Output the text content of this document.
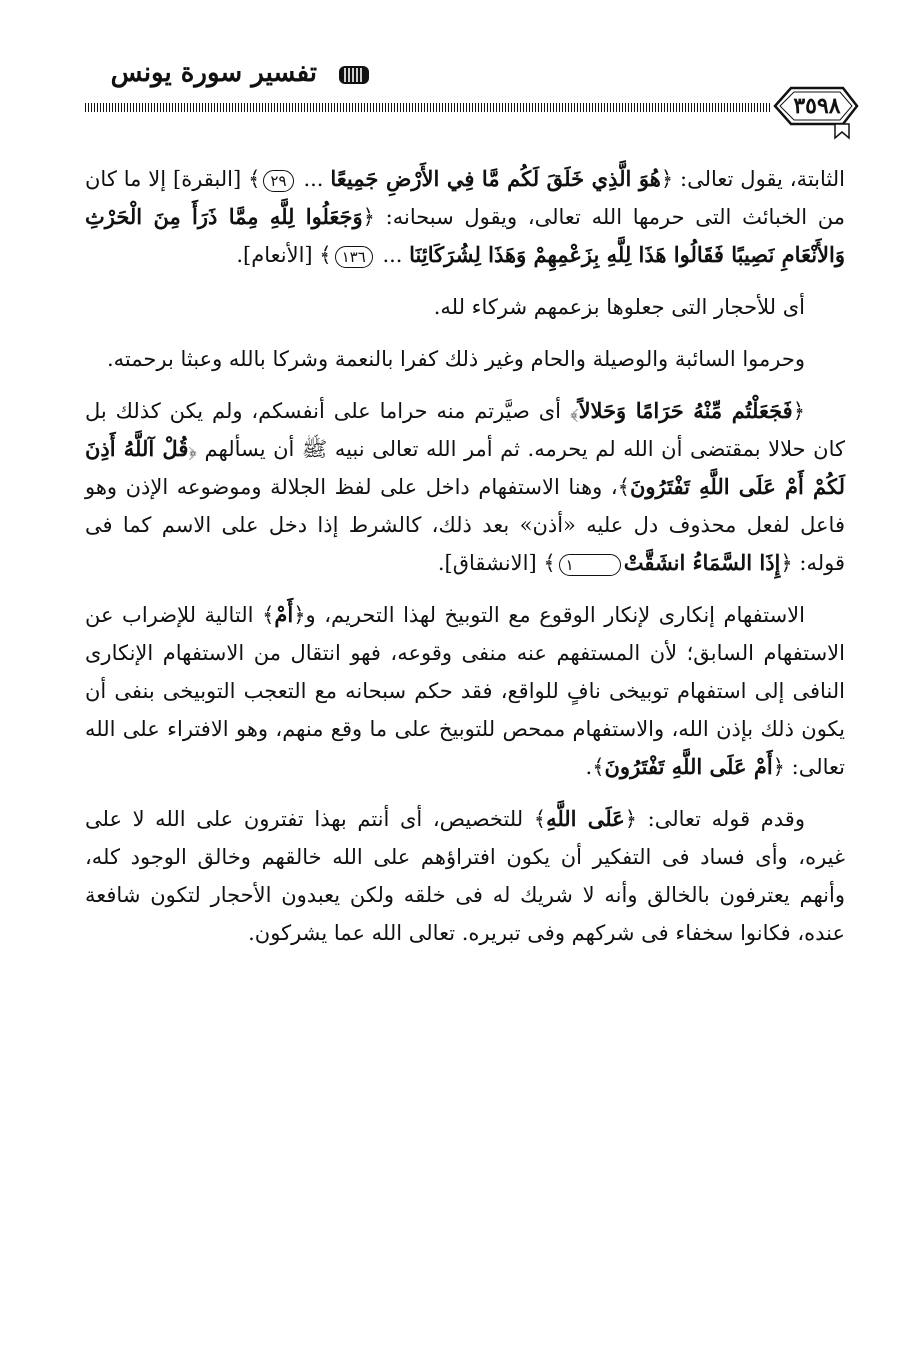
تفسير سورة يونس
٣٥٩٨

الثابتة، يقول تعالى: ﴿هُوَ الَّذِي خَلَقَ لَكُم مَّا فِي الأَرْضِ جَمِيعًا ... ٢٩﴾ [البقرة] إلا ما كان من الخبائث التى حرمها الله تعالى، ويقول سبحانه: ﴿وَجَعَلُوا لِلَّهِ مِمَّا ذَرَأَ مِنَ الْحَرْثِ وَالأَنْعَامِ نَصِيبًا فَقَالُوا هَذَا لِلَّهِ بِزَعْمِهِمْ وَهَذَا لِشُرَكَائِنَا ... ١٣٦﴾ [الأنعام].

أى للأحجار التى جعلوها بزعمهم شركاء لله.

وحرموا السائبة والوصيلة والحام وغير ذلك كفرا بالنعمة وشركا بالله وعبثا برحمته.

﴿فَجَعَلْتُم مِّنْهُ حَرَامًا وَحَلالاً﴾ أى صيَّرتم منه حراما على أنفسكم، ولم يكن كذلك بل كان حلالا بمقتضى أن الله لم يحرمه. ثم أمر الله تعالى نبيه ﷺ أن يسألهم ﴿قُلْ آللَّهُ أَذِنَ لَكُمْ أَمْ عَلَى اللَّهِ تَفْتَرُونَ﴾، وهنا الاستفهام داخل على لفظ الجلالة وموضوعه الإذن وهو فاعل لفعل محذوف دل عليه «أذن» بعد ذلك، كالشرط إذا دخل على الاسم كما فى قوله: ﴿إِذَا السَّمَاءُ انشَقَّتْ١﴾ [الانشقاق].

الاستفهام إنكارى لإنكار الوقوع مع التوبيخ لهذا التحريم، و﴿أَمْ﴾ التالية للإضراب عن الاستفهام السابق؛ لأن المستفهم عنه منفى وقوعه، فهو انتقال من الاستفهام الإنكارى النافى إلى استفهام توبيخى نافٍ للواقع، فقد حكم سبحانه مع التعجب التوبيخى بنفى أن يكون ذلك بإذن الله، والاستفهام ممحص للتوبيخ على ما وقع منهم، وهو الافتراء على الله تعالى: ﴿أَمْ عَلَى اللَّهِ تَفْتَرُونَ﴾.

وقدم قوله تعالى: ﴿عَلَى اللَّهِ﴾ للتخصيص، أى أنتم بهذا تفترون على الله لا على غيره، وأى فساد فى التفكير أن يكون افتراؤهم على الله خالقهم وخالق الوجود كله، وأنهم يعترفون بالخالق وأنه لا شريك له فى خلقه ولكن يعبدون الأحجار لتكون شافعة عنده، فكانوا سخفاء فى شركهم وفى تبريره. تعالى الله عما يشركون.
